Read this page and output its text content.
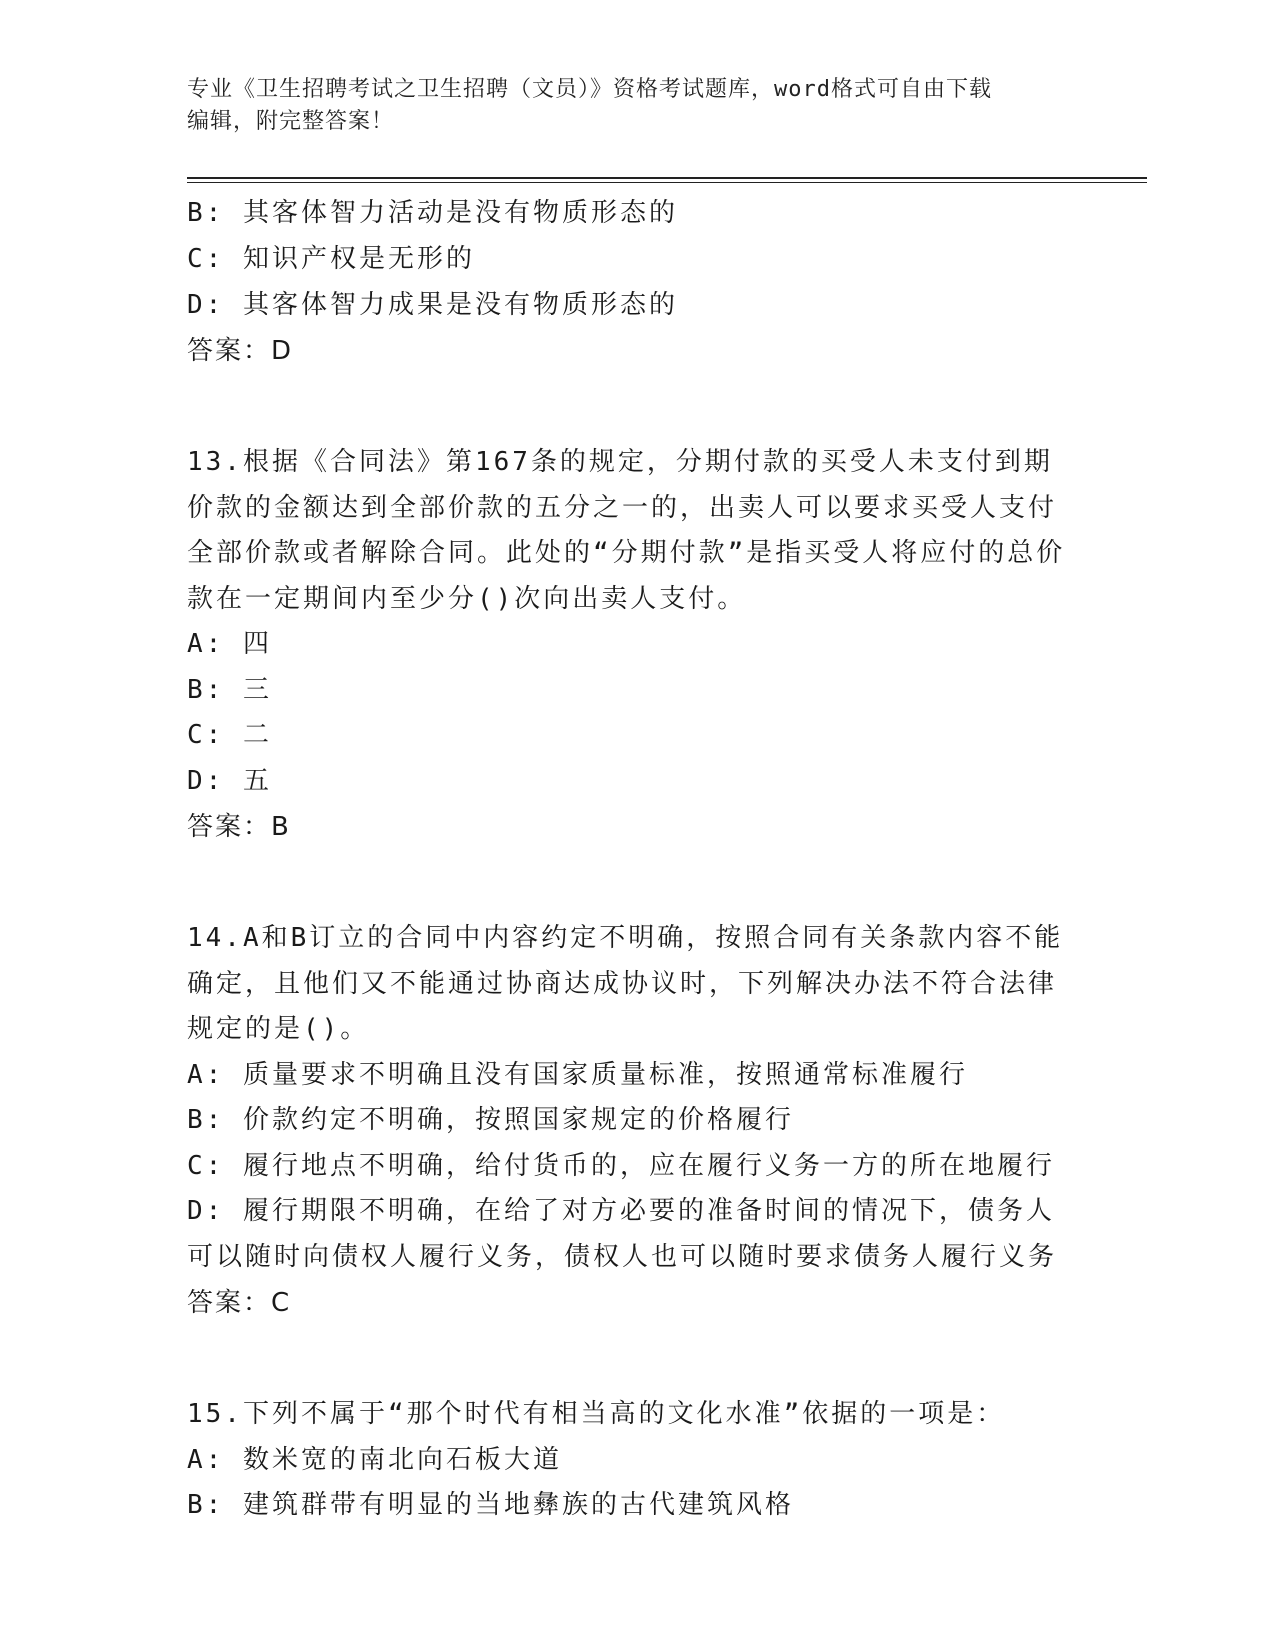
专业《卫生招聘考试之卫生招聘（文员）》资格考试题库，word格式可自由下载
编辑，附完整答案！
B: 其客体智力活动是没有物质形态的
C: 知识产权是无形的
D: 其客体智力成果是没有物质形态的
答案：D
13.根据《合同法》第167条的规定，分期付款的买受人未支付到期价款的金额达到全部价款的五分之一的，出卖人可以要求买受人支付全部价款或者解除合同。此处的“分期付款”是指买受人将应付的总价款在一定期间内至少分()次向出卖人支付。
A: 四
B: 三
C: 二
D: 五
答案：B
14.A和B订立的合同中内容约定不明确，按照合同有关条款内容不能确定，且他们又不能通过协商达成协议时，下列解决办法不符合法律规定的是()。
A: 质量要求不明确且没有国家质量标准，按照通常标准履行
B: 价款约定不明确，按照国家规定的价格履行
C: 履行地点不明确，给付货币的，应在履行义务一方的所在地履行
D: 履行期限不明确，在给了对方必要的准备时间的情况下，债务人可以随时向债权人履行义务，债权人也可以随时要求债务人履行义务
答案：C
15.下列不属于“那个时代有相当高的文化水准”依据的一项是：
A: 数米宽的南北向石板大道
B: 建筑群带有明显的当地彝族的古代建筑风格
